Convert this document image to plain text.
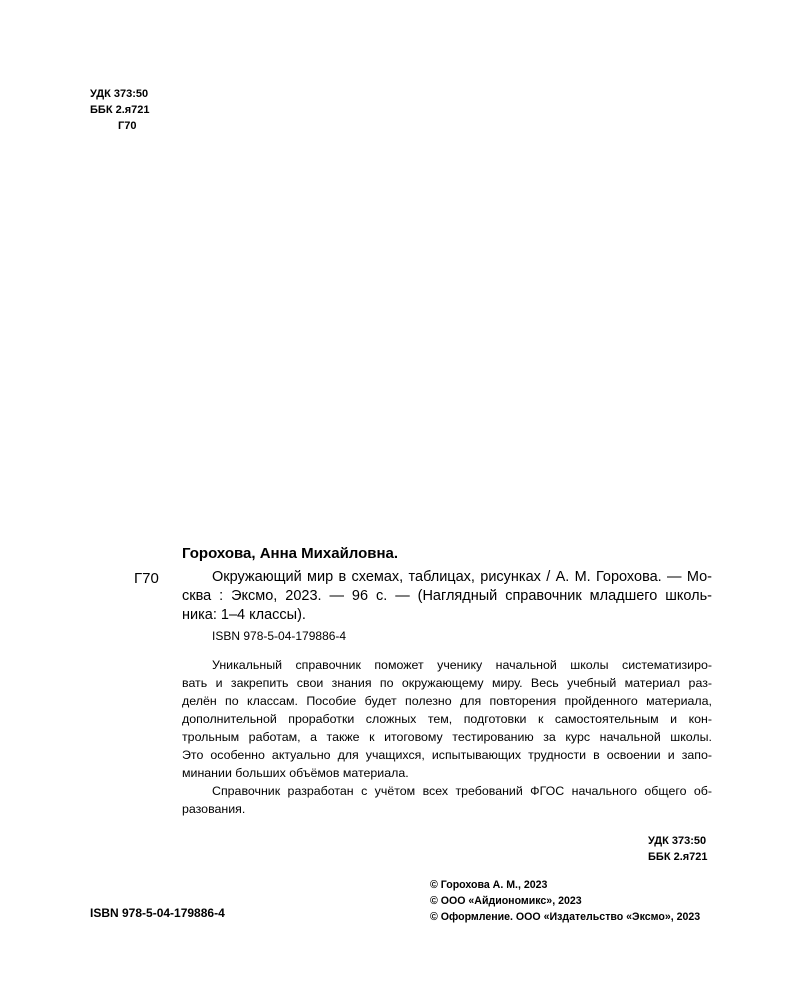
УДК 373:50
ББК 2.я721
Г70
Горохова, Анна Михайловна.
Г70	Окружающий мир в схемах, таблицах, рисунках / А. М. Горохова. — Мо-
сква : Эксмо, 2023. — 96 с. — (Наглядный справочник младшего школь-
ника: 1–4 классы).
ISBN 978-5-04-179886-4
Уникальный справочник поможет ученику начальной школы систематизиро-
вать и закрепить свои знания по окружающему миру. Весь учебный материал раз-
делён по классам. Пособие будет полезно для повторения пройденного материала,
дополнительной проработки сложных тем, подготовки к самостоятельным и кон-
трольным работам, а также к итоговому тестированию за курс начальной школы.
Это особенно актуально для учащихся, испытывающих трудности в освоении и запо-
минании больших объёмов материала.
Справочник разработан с учётом всех требований ФГОС начального общего об-
разования.
УДК 373:50
ББК 2.я721
© Горохова А. М., 2023
© ООО «Айдиономикс», 2023
© Оформление. ООО «Издательство «Эксмо», 2023
ISBN 978-5-04-179886-4
